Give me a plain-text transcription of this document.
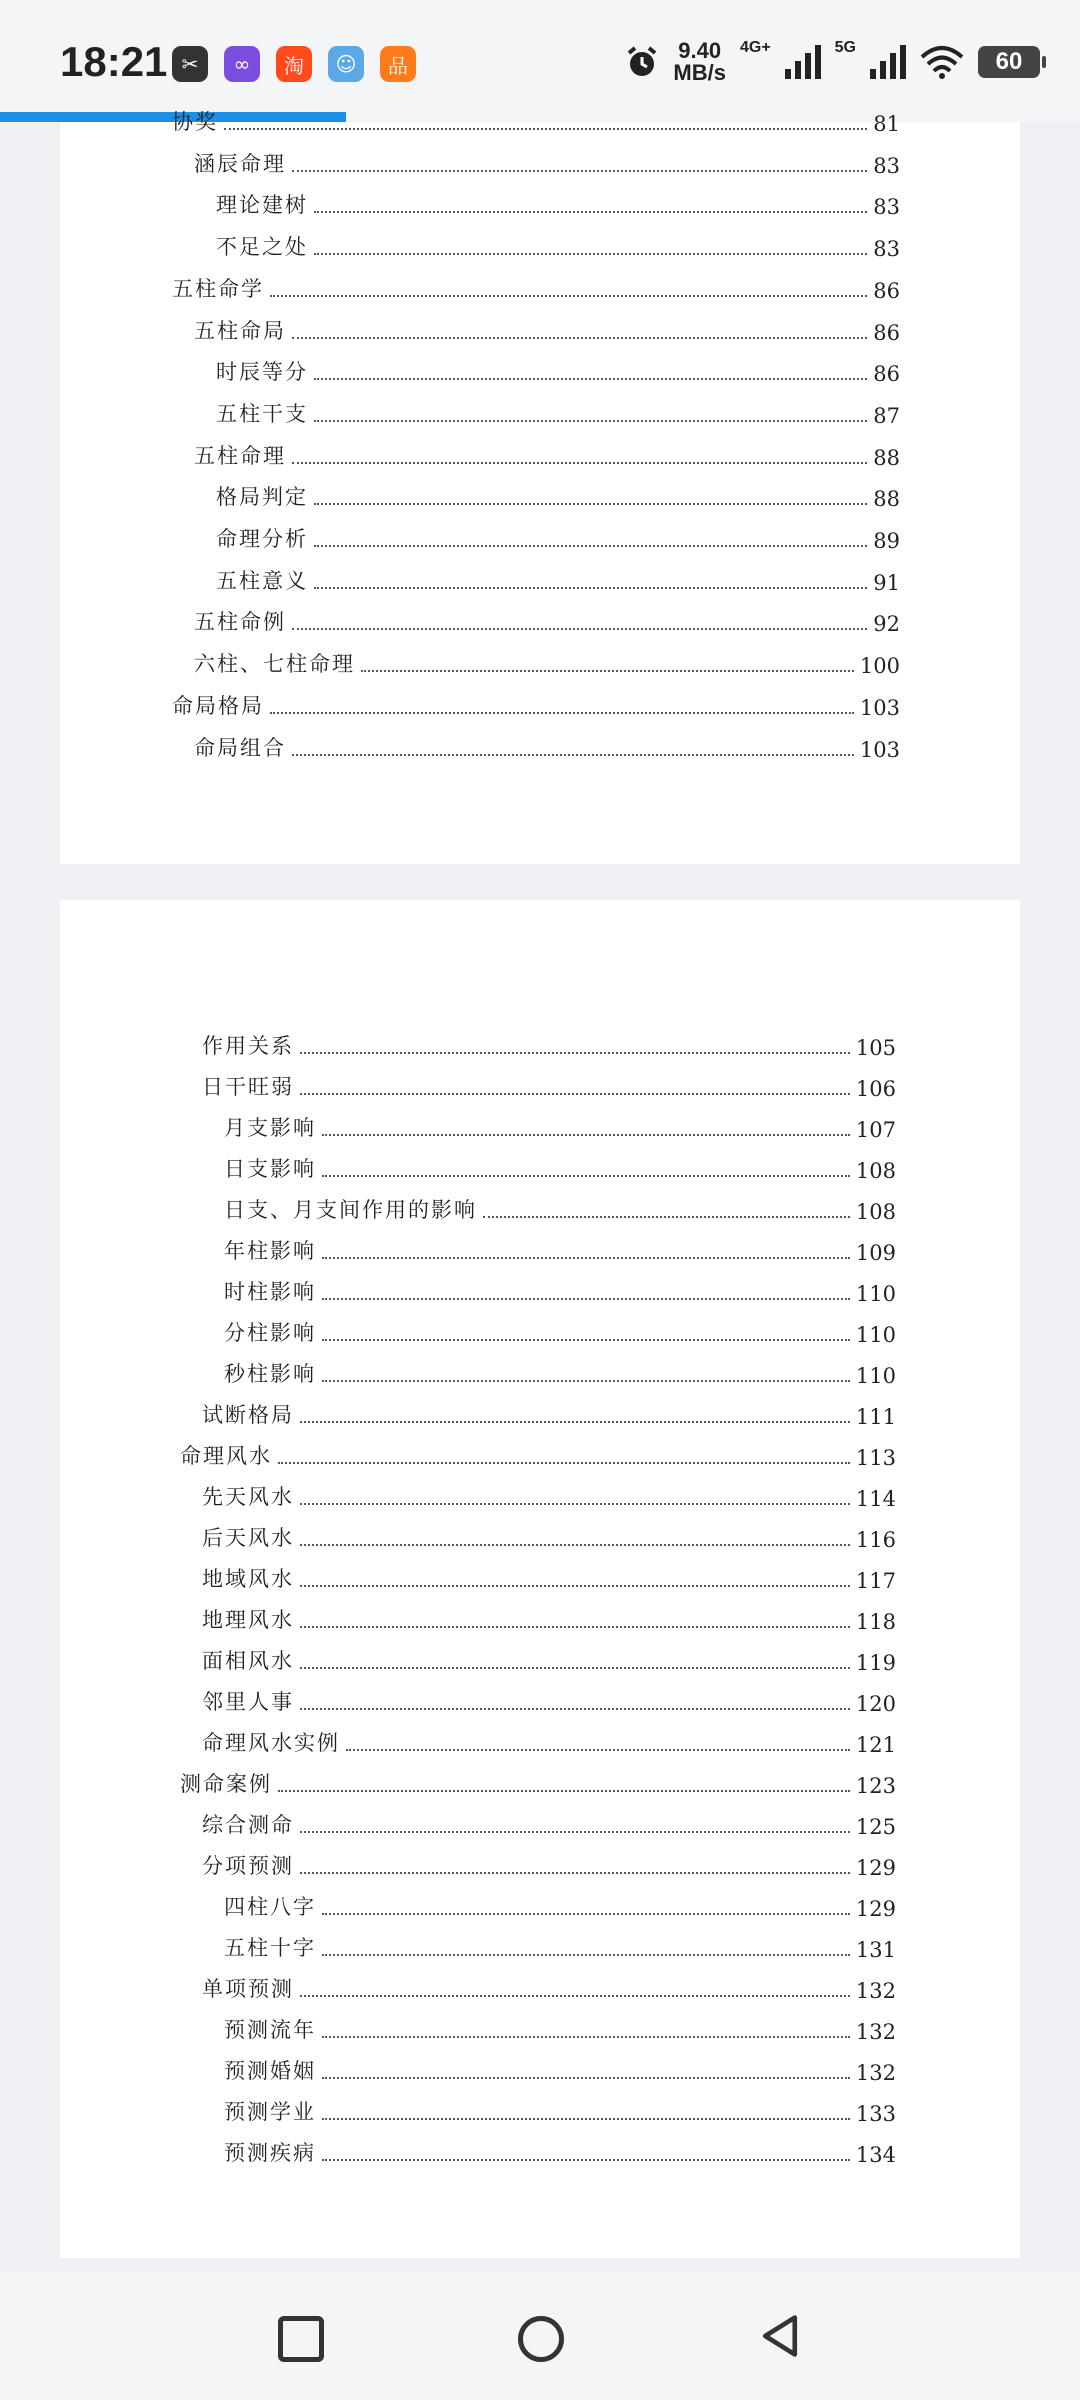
18:21 ✂	∞	淘	☺	品
9.40
MB/s
4G+	5G
60
协奖	81
涵辰命理	83
理论建树	83
不足之处	83
五柱命学	86
五柱命局	86
时辰等分	86
五柱干支	87
五柱命理	88
格局判定	88
命理分析	89
五柱意义	91
五柱命例	92
六柱、七柱命理	100
命局格局	103
命局组合	103
作用关系	105
日干旺弱	106
月支影响	107
日支影响	108
日支、月支间作用的影响	108
年柱影响	109
时柱影响	110
分柱影响	110
秒柱影响	110
试断格局	111
命理风水	113
先天风水	114
后天风水	116
地域风水	117
地理风水	118
面相风水	119
邻里人事	120
命理风水实例	121
测命案例	123
综合测命	125
分项预测	129
四柱八字	129
五柱十字	131
单项预测	132
预测流年	132
预测婚姻	132
预测学业	133
预测疾病	134
